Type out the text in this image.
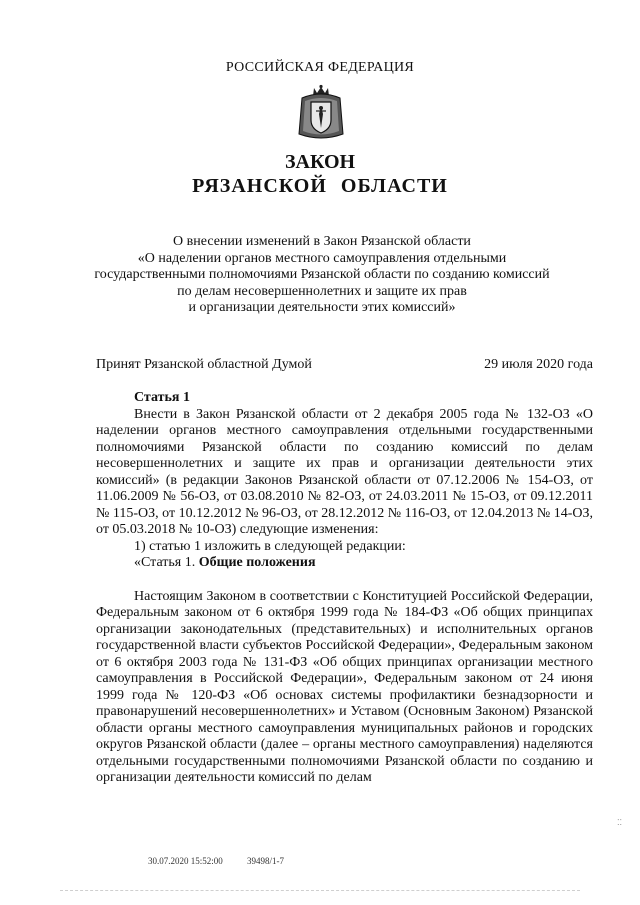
РОССИЙСКАЯ ФЕДЕРАЦИЯ
ЗАКОН
РЯЗАНСКОЙ ОБЛАСТИ
О внесении изменений в Закон Рязанской области
«О наделении органов местного самоуправления отдельными
государственными полномочиями Рязанской области по созданию комиссий
по делам несовершеннолетних и защите их прав
и организации деятельности этих комиссий»
Принят Рязанской областной Думой	29 июля 2020 года

Статья 1

Внести в Закон Рязанской области от 2 декабря 2005 года № 132-ОЗ «О наделении органов местного самоуправления отдельными государственными полномочиями Рязанской области по созданию комиссий по делам несовершеннолетних и защите их прав и организации деятельности этих комиссий» (в редакции Законов Рязанской области от 07.12.2006 № 154-ОЗ, от 11.06.2009 № 56-ОЗ, от 03.08.2010 № 82-ОЗ, от 24.03.2011 № 15-ОЗ, от 09.12.2011 № 115-ОЗ, от 10.12.2012 № 96-ОЗ, от 28.12.2012 № 116-ОЗ, от 12.04.2013 № 14-ОЗ, от 05.03.2018 № 10-ОЗ) следующие изменения:

1) статью 1 изложить в следующей редакции:

«Статья 1. Общие положения

Настоящим Законом в соответствии с Конституцией Российской Федерации, Федеральным законом от 6 октября 1999 года № 184-ФЗ «Об общих принципах организации законодательных (представительных) и исполнительных органов государственной власти субъектов Российской Федерации», Федеральным законом от 6 октября 2003 года № 131-ФЗ «Об общих принципах организации местного самоуправления в Российской Федерации», Федеральным законом от 24 июня 1999 года № 120-ФЗ «Об основах системы профилактики безнадзорности и правонарушений несовершеннолетних» и Уставом (Основным Законом) Рязанской области органы местного самоуправления муниципальных районов и городских округов Рязанской области (далее – органы местного самоуправления) наделяются отдельными государственными полномочиями Рязанской области по созданию и организации деятельности комиссий по делам

⁚⁚
30.07.2020 15:52:00	39498/1-7
